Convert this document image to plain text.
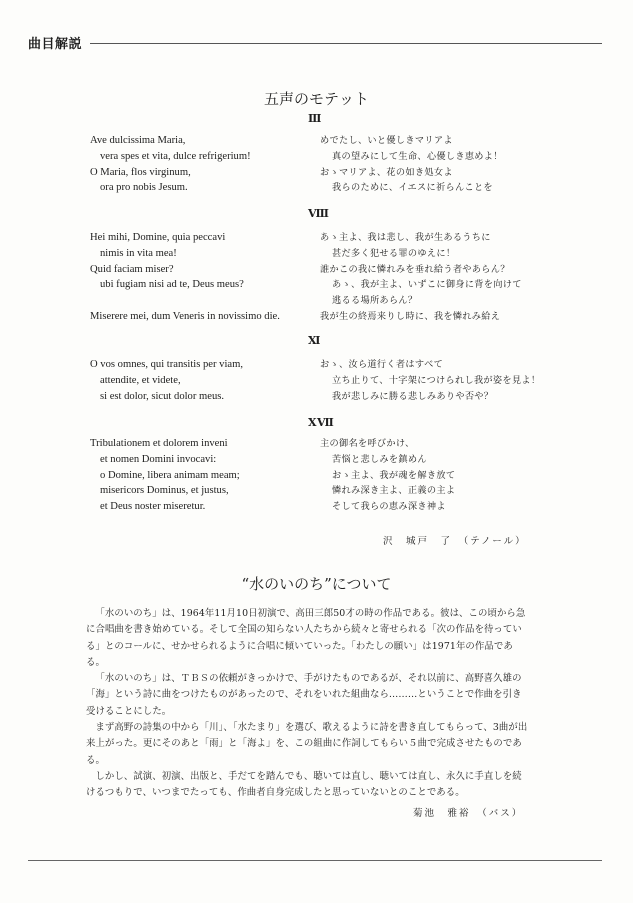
曲目解説
五声のモテット
Ⅲ
Ave dulcissima Maria,
vera spes et vita, dulce refrigerium!
O Maria, flos virginum,
ora pro nobis Jesum.
めでたし、いと優しきマリアよ
真の望みにして生命、心優しき恵めよ！
おゝマリアよ、花の如き処女よ
我らのために、イエスに祈らんことを
Ⅷ
Hei mihi, Domine, quia peccavi
nimis in vita mea!
Quid faciam miser?
ubi fugiam nisi ad te, Deus meus?
Miserere mei, dum Veneris in novissimo die.
あゝ主よ、我は悲し、我が生あるうちに
甚だ多く犯せる罪のゆえに！
誰かこの我に憐れみを垂れ給う者やあらん？
あゝ、我が主よ、いずこに御身に背を向けて
逃るる場所あらん？
我が生の終焉来りし時に、我を憐れみ給え
Ⅺ
O vos omnes, qui transitis per viam,
attendite, et videte,
si est dolor, sicut dolor meus.
おゝ、汝ら道行く者はすべて
立ち止りて、十字架につけられし我が姿を見よ！
我が悲しみに勝る悲しみありや否や？
ⅩⅦ
Tribulationem et dolorem inveni
et nomen Domini invocavi:
o Domine, libera animam meam;
misericors Dominus, et justus,
et Deus noster miseretur.
主の御名を呼びかけ、
苦悩と悲しみを鎮めん
おゝ主よ、我が魂を解き放て
憐れみ深き主よ、正義の主よ
そして我らの恵み深き神よ
沢　城戸　了　（テノール）
“水のいのち”について

「水のいのち」は、1964年11月10日初演で、高田三郎50才の時の作品である。彼は、この頃から急に合唱曲を書き始めている。そして全国の知らない人たちから続々と寄せられる「次の作品を待っている」とのコールに、せかせられるように合唱に傾いていった。「わたしの願い」は1971年の作品である。

「水のいのち」は、ＴＢＳの依頼がきっかけで、手がけたものであるが、それ以前に、高野喜久雄の「海」という詩に曲をつけたものがあったので、それをいれた組曲なら………ということで作曲を引き受けることにした。

まず高野の詩集の中から「川」、「水たまり」を選び、歌えるように詩を書き直してもらって、3曲が出来上がった。更にそのあと「雨」と「海よ」を、この組曲に作詞してもらい５曲で完成させたものである。

しかし、試演、初演、出版と、手だてを踏んでも、聴いては直し、聴いては直し、永久に手直しを続けるつもりで、いつまでたっても、作曲者自身完成したと思っていないとのことである。

菊池　雅裕　（バス）
